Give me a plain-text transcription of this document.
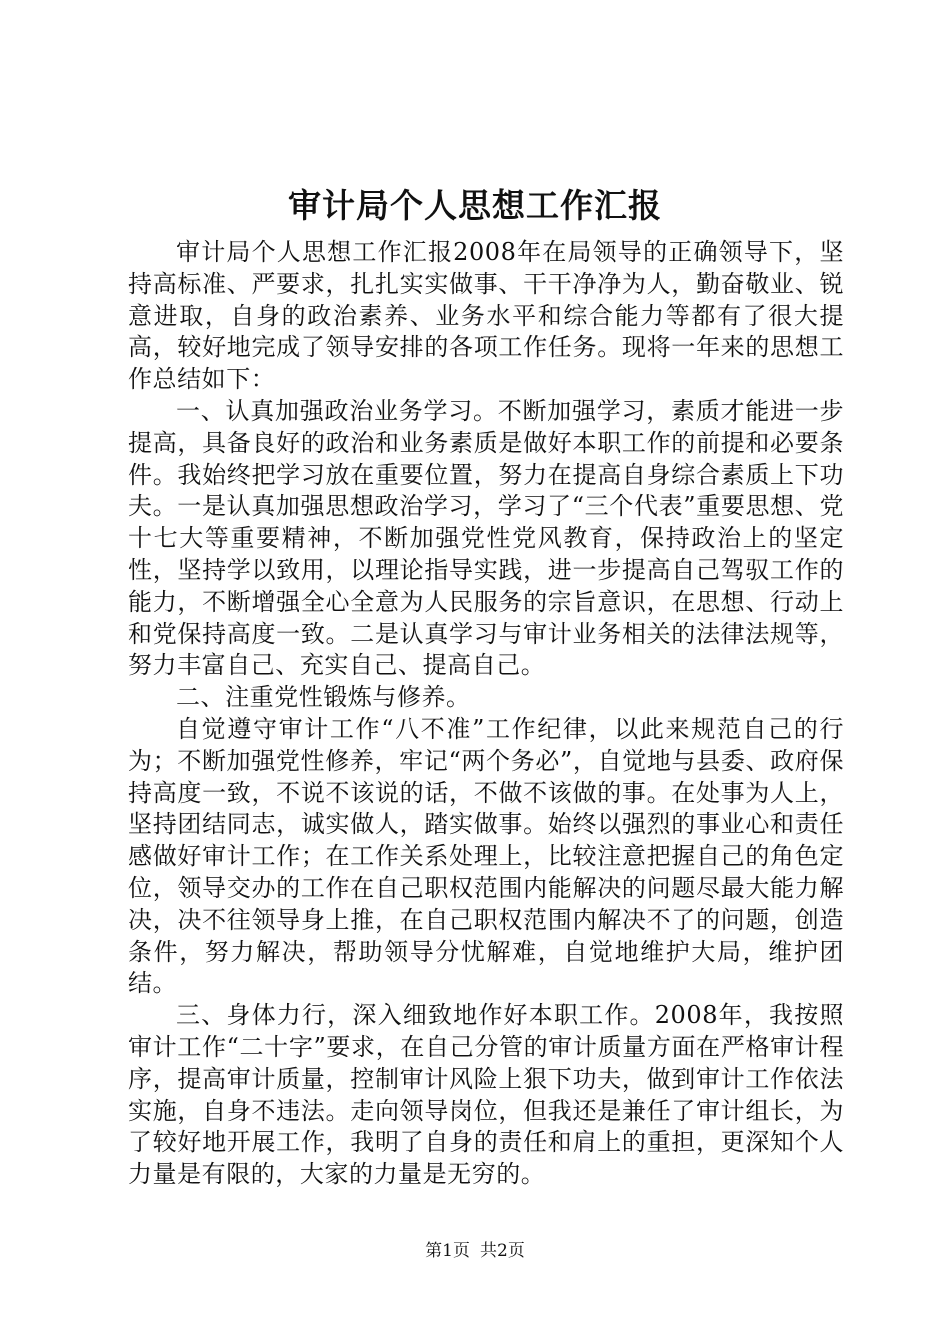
审计局个人思想工作汇报

审计局个人思想工作汇报2008年在局领导的正确领导下，坚持高标准、严要求，扎扎实实做事、干干净净为人，勤奋敬业、锐意进取，自身的政治素养、业务水平和综合能力等都有了很大提高，较好地完成了领导安排的各项工作任务。现将一年来的思想工作总结如下：

一、认真加强政治业务学习。不断加强学习，素质才能进一步提高，具备良好的政治和业务素质是做好本职工作的前提和必要条件。我始终把学习放在重要位置，努力在提高自身综合素质上下功夫。一是认真加强思想政治学习，学习了“三个代表”重要思想、党十七大等重要精神，不断加强党性党风教育，保持政治上的坚定性，坚持学以致用，以理论指导实践，进一步提高自己驾驭工作的能力，不断增强全心全意为人民服务的宗旨意识，在思想、行动上和党保持高度一致。二是认真学习与审计业务相关的法律法规等，努力丰富自己、充实自己、提高自己。

二、注重党性锻炼与修养。

自觉遵守审计工作“八不准”工作纪律，以此来规范自己的行为；不断加强党性修养，牢记“两个务必”，自觉地与县委、政府保持高度一致，不说不该说的话，不做不该做的事。在处事为人上，坚持团结同志，诚实做人，踏实做事。始终以强烈的事业心和责任感做好审计工作；在工作关系处理上，比较注意把握自己的角色定位，领导交办的工作在自己职权范围内能解决的问题尽最大能力解决，决不往领导身上推，在自己职权范围内解决不了的问题，创造条件，努力解决，帮助领导分忧解难，自觉地维护大局，维护团结。

三、身体力行，深入细致地作好本职工作。2008年，我按照审计工作“二十字”要求，在自己分管的审计质量方面在严格审计程序，提高审计质量，控制审计风险上狠下功夫，做到审计工作依法实施，自身不违法。走向领导岗位，但我还是兼任了审计组长，为了较好地开展工作，我明了自身的责任和肩上的重担，更深知个人力量是有限的，大家的力量是无穷的。

第1页 共2页
